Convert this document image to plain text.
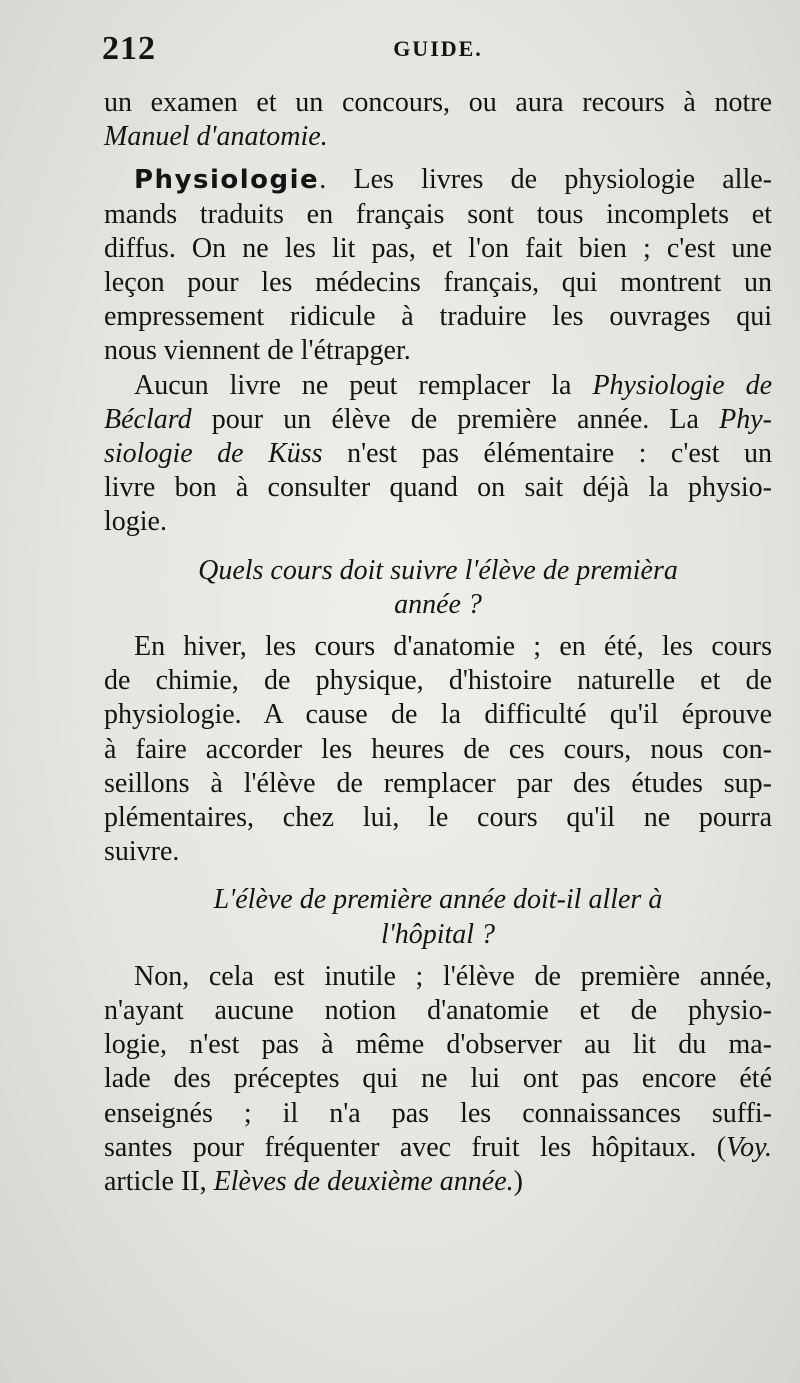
212	GUIDE.
un examen et un concours, ou aura recours à notre
Manuel d'anatomie.
Physiologie. Les livres de physiologie alle-
mands traduits en français sont tous incomplets et
diffus. On ne les lit pas, et l'on fait bien ; c'est une
leçon pour les médecins français, qui montrent un
empressement ridicule à traduire les ouvrages qui
nous viennent de l'étrapger.
Aucun livre ne peut remplacer la Physiologie de
Béclard pour un élève de première année. La Phy-
siologie de Küss n'est pas élémentaire : c'est un
livre bon à consulter quand on sait déjà la physio-
logie.
Quels cours doit suivre l'élève de premièra
année ?
En hiver, les cours d'anatomie ; en été, les cours
de chimie, de physique, d'histoire naturelle et de
physiologie. A cause de la difficulté qu'il éprouve
à faire accorder les heures de ces cours, nous con-
seillons à l'élève de remplacer par des études sup-
plémentaires, chez lui, le cours qu'il ne pourra
suivre.
L'élève de première année doit-il aller à
l'hôpital ?
Non, cela est inutile ; l'élève de première année,
n'ayant aucune notion d'anatomie et de physio-
logie, n'est pas à même d'observer au lit du ma-
lade des préceptes qui ne lui ont pas encore été
enseignés ; il n'a pas les connaissances suffi-
santes pour fréquenter avec fruit les hôpitaux. (Voy.
article II, Elèves de deuxième année.)
